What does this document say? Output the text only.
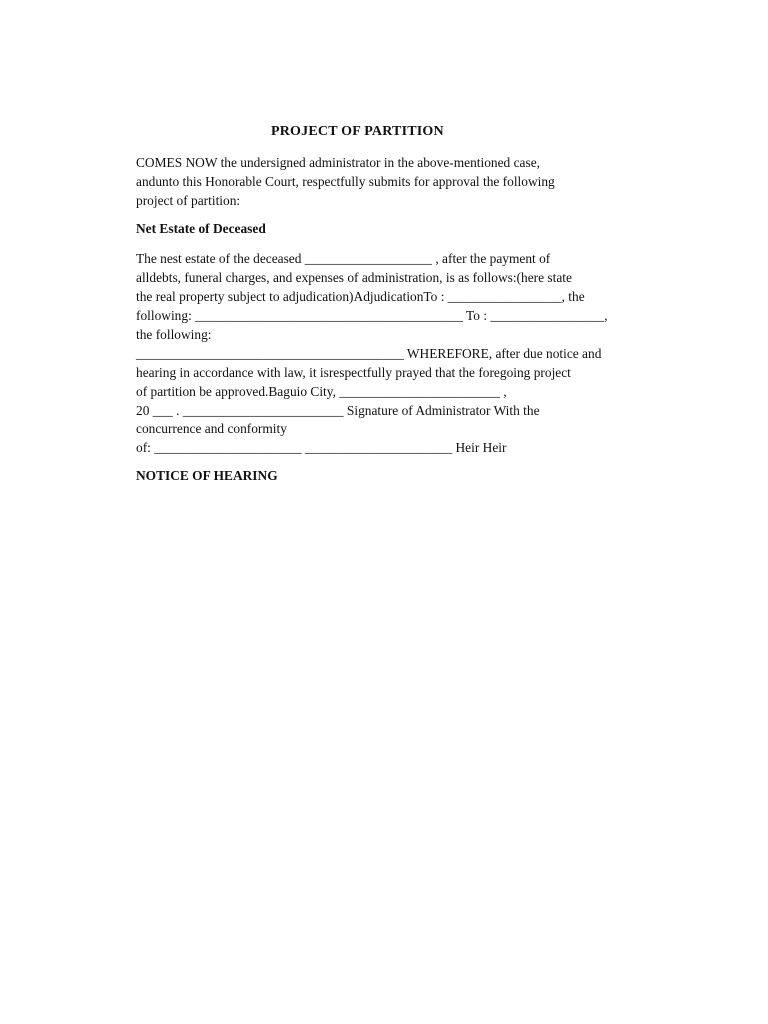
PROJECT OF PARTITION
COMES NOW the undersigned administrator in the above-mentioned case,
andunto this Honorable Court, respectfully submits for approval the following
project of partition:
Net Estate of Deceased
The nest estate of the deceased ___________________ , after the payment of
alldebts, funeral charges, and expenses of administration, is as follows:(here state
the real property subject to adjudication)AdjudicationTo : _________________, the
following: ________________________________________ To : _________________,
the following:
________________________________________ WHEREFORE, after due notice and
hearing in accordance with law, it isrespectfully prayed that the foregoing project
of partition be approved.Baguio City, ________________________ ,
20 ___ . ________________________ Signature of Administrator With the
concurrence and conformity
of: ______________________ ______________________ Heir Heir
NOTICE OF HEARING
